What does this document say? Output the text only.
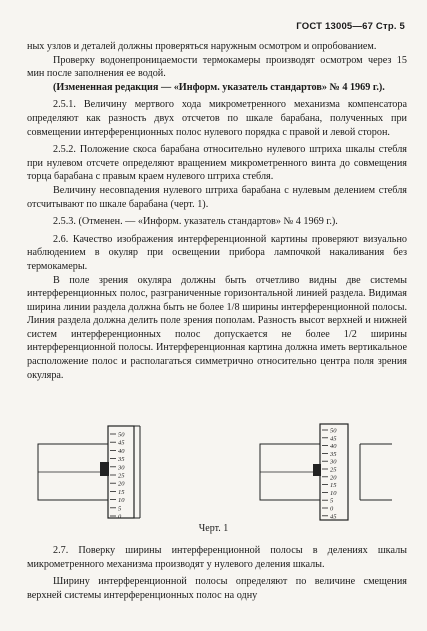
ГОСТ 13005—67 Стр. 5

ных узлов и деталей должны проверяться наружным осмотром и опробованием.

Проверку водонепроницаемости термокамеры производят осмотром через 15 мин после заполнения ее водой.

(Измененная редакция — «Информ. указатель стандартов» № 4 1969 г.).

2.5.1. Величину мертвого хода микрометренного механизма компенсатора определяют как разность двух отсчетов по шкале барабана, полученных при совмещении интерференционных полос нулевого порядка с правой и левой сторон.

2.5.2. Положение скоса барабана относительно нулевого штриха шкалы стебля при нулевом отсчете определяют вращением микрометренного винта до совмещения торца барабана с правым краем нулевого штриха стебля.

Величину несовпадения нулевого штриха барабана с нулевым делением стебля отсчитывают по шкале барабана (черт. 1).

2.5.3. (Отменен. — «Информ. указатель стандартов» № 4 1969 г.).

2.6. Качество изображения интерференционной картины проверяют визуально наблюдением в окуляр при освещении прибора лампочкой накаливания без термокамеры.

В поле зрения окуляра должны быть отчетливо видны две системы интерференционных полос, разграниченные горизонтальной линией раздела. Видимая ширина линии раздела должна быть не более 1/8 ширины интерференционной полосы. Линия раздела должна делить поле зрения пополам. Разность высот верхней и нижней систем интерференционных полос допускается не более 1/2 ширины интерференционной полосы. Интерференционная картина должна иметь вертикальное расположение полос и располагаться симметрично относительно центра поля зрения окуляра.

50
45
40
35
30
25
20
15
10
5
0
50
45
40
35
30
25
20
15
10
5
0
45
Черт. 1

2.7. Поверку ширины интерференционной полосы в делениях шкалы микрометренного механизма производят у нулевого деления шкалы.

Ширину интерференционной полосы определяют по величине смещения верхней системы интерференционных полос на одну
